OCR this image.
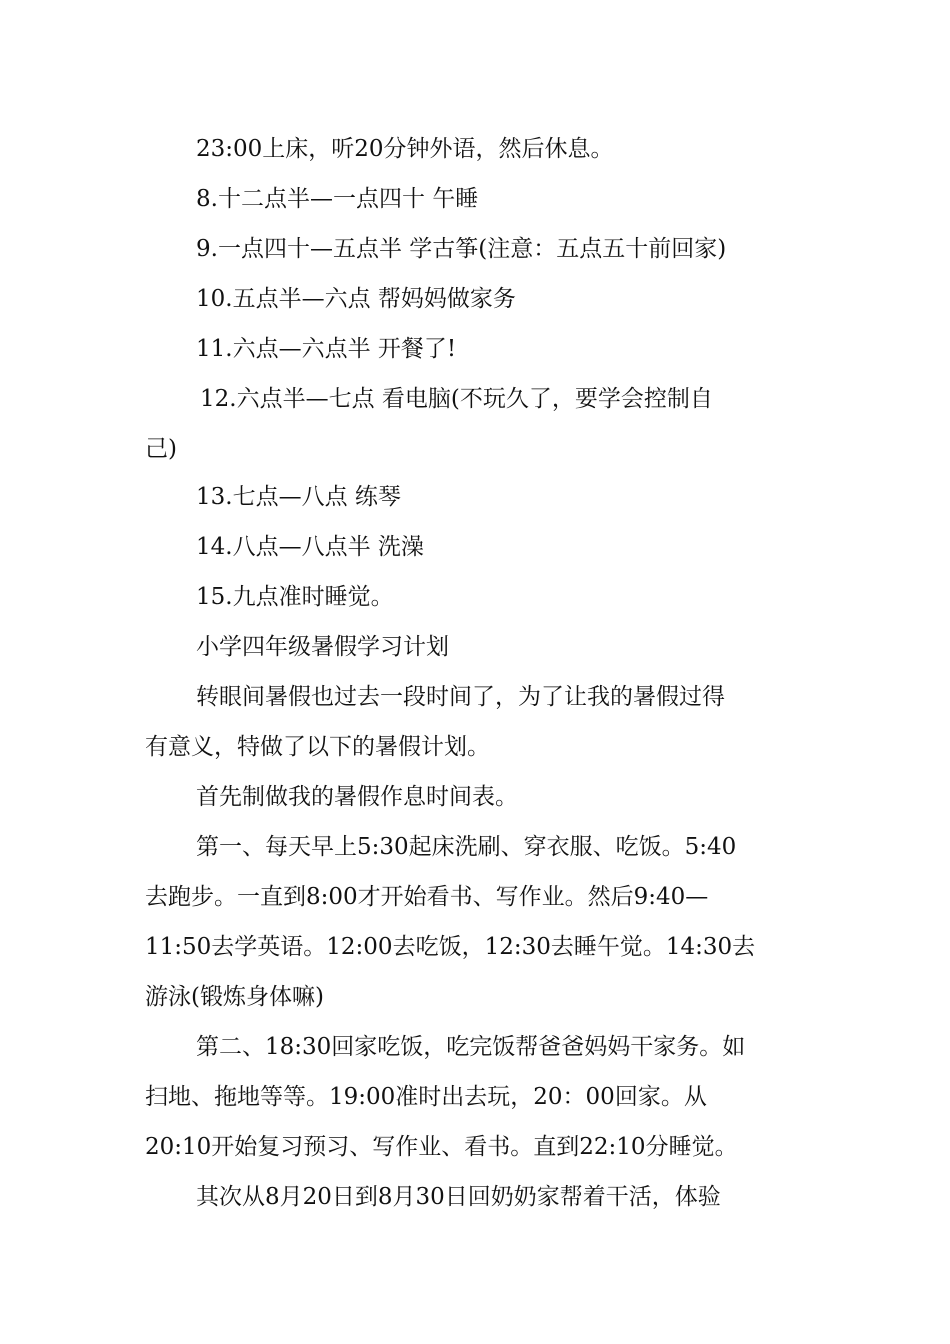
23:00上床，听20分钟外语，然后休息。
8.十二点半—一点四十 午睡
9.一点四十—五点半 学古筝(注意：五点五十前回家)
10.五点半—六点 帮妈妈做家务
11.六点—六点半 开餐了!
12.六点半—七点 看电脑(不玩久了，要学会控制自
己)
13.七点—八点 练琴
14.八点—八点半 洗澡
15.九点准时睡觉。
小学四年级暑假学习计划
转眼间暑假也过去一段时间了，为了让我的暑假过得
有意义，特做了以下的暑假计划。
首先制做我的暑假作息时间表。
第一、每天早上5:30起床洗刷、穿衣服、吃饭。5:40
去跑步。一直到8:00才开始看书、写作业。然后9:40—
11:50去学英语。12:00去吃饭，12:30去睡午觉。14:30去
游泳(锻炼身体嘛)
第二、18:30回家吃饭，吃完饭帮爸爸妈妈干家务。如
扫地、拖地等等。19:00准时出去玩，20：00回家。从
20:10开始复习预习、写作业、看书。直到22:10分睡觉。
其次从8月20日到8月30日回奶奶家帮着干活，体验
